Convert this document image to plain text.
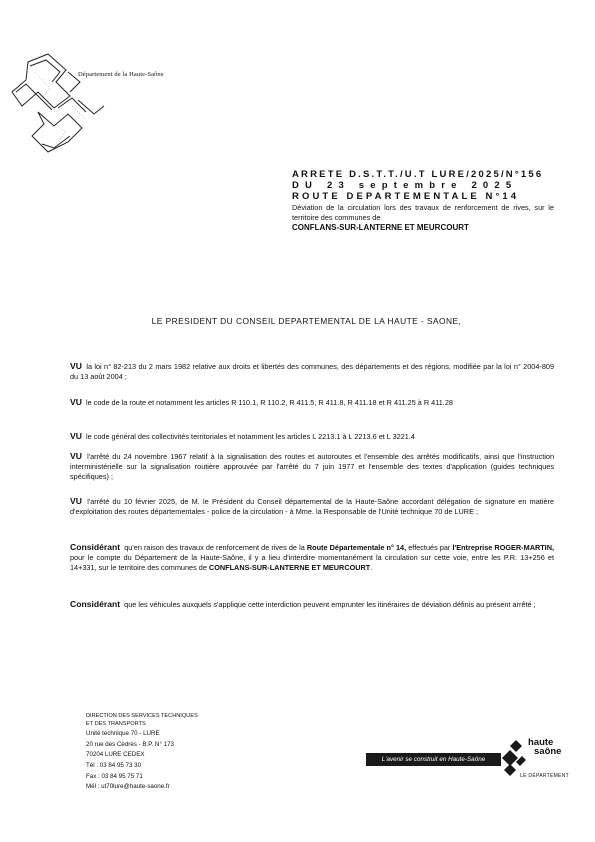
Département de la Haute-Saône
ARRETE D.S.T.T./U.T LURE/2025/N°156
DU 23 septembre 2025
ROUTE DEPARTEMENTALE N°14
Déviation de la circulation lors des travaux de renforcement de rives, sur le territoire des communes de
CONFLANS-SUR-LANTERNE ET MEURCOURT
LE PRESIDENT DU CONSEIL DEPARTEMENTAL DE LA HAUTE - SAONE,
VU la loi n° 82-213 du 2 mars 1982 relative aux droits et libertés des communes, des départements et des régions, modifiée par la loi n° 2004-809 du 13 août 2004 ;
VU le code de la route et notamment les articles R 110.1, R 110.2, R 411.5, R 411.8, R 411.18 et R 411.25 à R 411.28
VU le code général des collectivités territoriales et notamment les articles L 2213.1 à L 2213.6 et L 3221.4
VU l'arrêté du 24 novembre 1967 relatif à la signalisation des routes et autoroutes et l'ensemble des arrêtés modificatifs, ainsi que l'instruction interministérielle sur la signalisation routière approuvée par l'arrêté du 7 juin 1977 et l'ensemble des textes d'application (guides techniques spécifiques) ;
VU l'arrêté du 10 février 2025, de M. le Président du Conseil départemental de la Haute-Saône accordant délégation de signature en matière d'exploitation des routes départementales - police de la circulation - à Mme. la Responsable de l'Unité technique 70 de LURE ;
Considérant qu'en raison des travaux de renforcement de rives de la Route Départementale n° 14, effectués par l'Entreprise ROGER-MARTIN, pour le compte du Département de la Haute-Saône, il y a lieu d'interdire momentanément la circulation sur cette voie, entre les P.R. 13+256 et 14+331, sur le territoire des communes de CONFLANS-SUR-LANTERNE ET MEURCOURT.
Considérant que les véhicules auxquels s'applique cette interdiction peuvent emprunter les itinéraires de déviation définis au présent arrêté ;
DIRECTION DES SERVICES TECHNIQUES
ET DES TRANSPORTS
Unité technique 70 - LURE
20 rue des Cèdres - B.P. N° 173
70204 LURE CEDEX
Tél : 03 84 95 73 30
Fax : 03 84 95 75 71
Mél : ut70lure@haute-saone.fr
L'avenir se construit en Haute-Saône
haute
saône
LE DÉPARTEMENT
